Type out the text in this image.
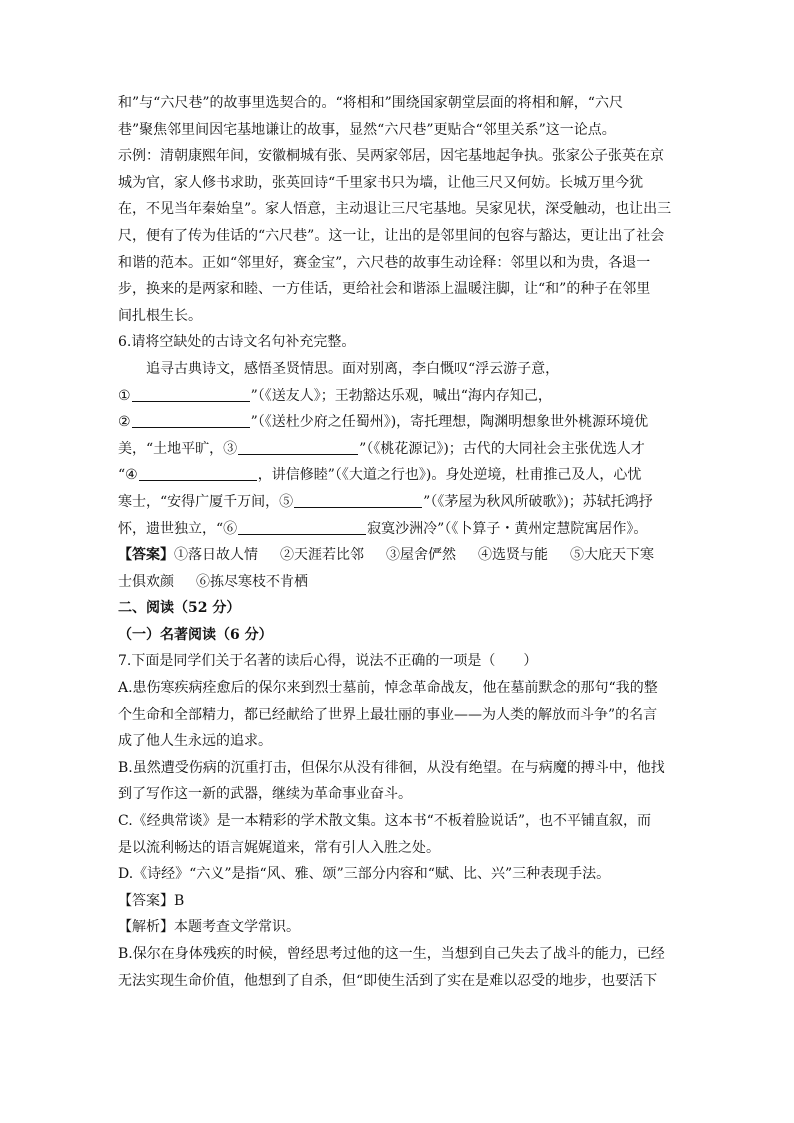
和”与“六尺巷”的故事里选契合的。“将相和”围绕国家朝堂层面的将相和解，“六尺
巷”聚焦邻里间因宅基地谦让的故事，显然“六尺巷”更贴合“邻里关系”这一论点。
示例：清朝康熙年间，安徽桐城有张、吴两家邻居，因宅基地起争执。张家公子张英在京
城为官，家人修书求助，张英回诗“千里家书只为墙，让他三尺又何妨。长城万里今犹
在，不见当年秦始皇”。家人悟意，主动退让三尺宅基地。吴家见状，深受触动，也让出三
尺，便有了传为佳话的“六尺巷”。这一让，让出的是邻里间的包容与豁达，更让出了社会
和谐的范本。正如“邻里好，赛金宝”，六尺巷的故事生动诠释：邻里以和为贵，各退一
步，换来的是两家和睦、一方佳话，更给社会和谐添上温暖注脚，让“和”的种子在邻里
间扎根生长。
6.请将空缺处的古诗文名句补充完整。
追寻古典诗文，感悟圣贤情思。面对别离，李白慨叹“浮云游子意，
①	”（《送友人》；王勃豁达乐观，喊出“海内存知己，
②	”（《送杜少府之任蜀州》)，寄托理想，陶渊明想象世外桃源环境优
美，“土地平旷，③	”（《桃花源记》)；古代的大同社会主张优选人才
“④	，讲信修睦”（《大道之行也》)。身处逆境，杜甫推己及人，心忧
寒士，“安得广厦千万间，⑤	”（《茅屋为秋风所破歌》)；苏轼托鸿抒
怀，遗世独立，“⑥	寂寞沙洲冷”（《卜算子・黄州定慧院寓居作》。
【答案】①落日故人情 ②天涯若比邻 ③屋舍俨然 ④选贤与能 ⑤大庇天下寒
士俱欢颜 ⑥拣尽寒枝不肯栖
二、阅读（52 分）
（一）名著阅读（6 分）
7.下面是同学们关于名著的读后心得，说法不正确的一项是（　　）
A.患伤寒疾病痊愈后的保尔来到烈士墓前，悼念革命战友，他在墓前默念的那句“我的整
个生命和全部精力，都已经献给了世界上最壮丽的事业——为人类的解放而斗争”的名言
成了他人生永远的追求。
B.虽然遭受伤病的沉重打击，但保尔从没有徘徊，从没有绝望。在与病魔的搏斗中，他找
到了写作这一新的武器，继续为革命事业奋斗。
C.《经典常谈》是一本精彩的学术散文集。这本书“不板着脸说话”，也不平铺直叙，而
是以流利畅达的语言娓娓道来，常有引人入胜之处。
D.《诗经》“六义”是指“风、雅、颂”三部分内容和“赋、比、兴”三种表现手法。
【答案】B
【解析】本题考查文学常识。
B.保尔在身体残疾的时候，曾经思考过他的这一生，当想到自己失去了战斗的能力，已经
无法实现生命价值，他想到了自杀，但“即使生活到了实在是难以忍受的地步，也要活下
